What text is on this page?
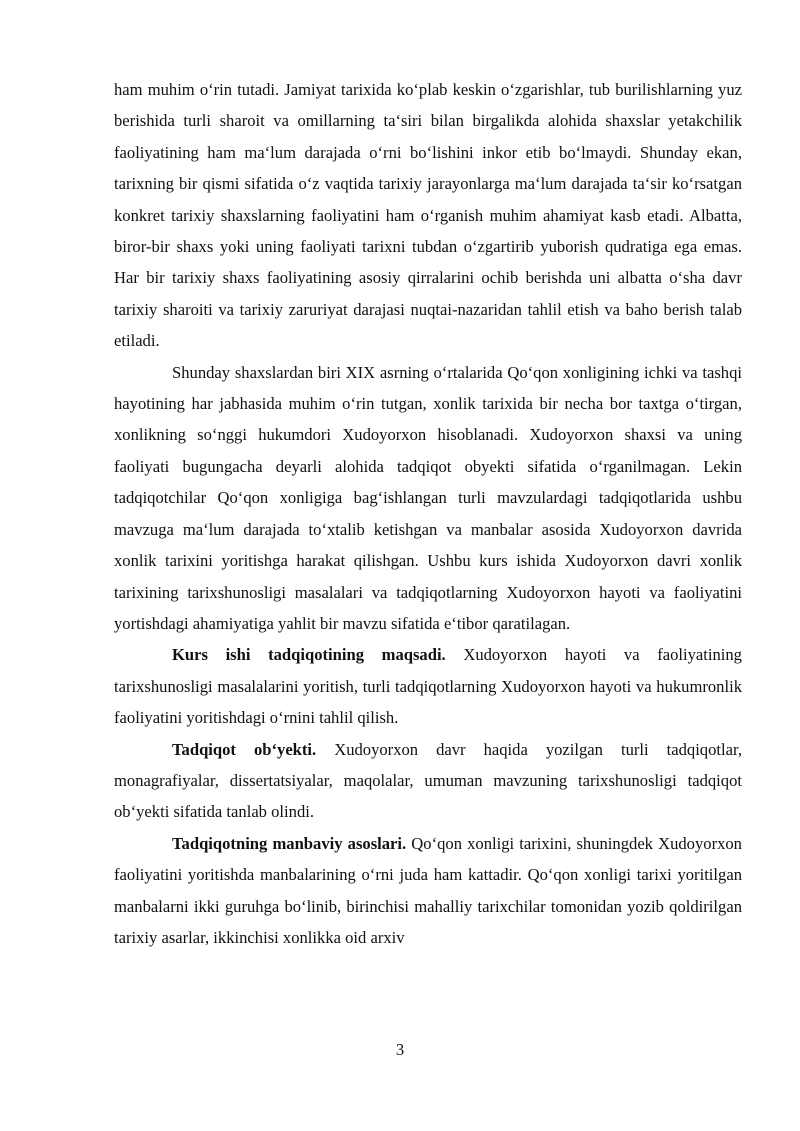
ham muhim o‘rin tutadi. Jamiyat tarixida ko‘plab keskin o‘zgarishlar, tub burilishlarning yuz berishida turli sharoit va omillarning ta‘siri bilan birgalikda alohida shaxslar yetakchilik faoliyatining ham ma‘lum darajada o‘rni bo‘lishini inkor etib bo‘lmaydi. Shunday ekan, tarixning bir qismi sifatida o‘z vaqtida tarixiy jarayonlarga ma‘lum darajada ta‘sir ko‘rsatgan konkret tarixiy shaxslarning faoliyatini ham o‘rganish muhim ahamiyat kasb etadi. Albatta, biror-bir shaxs yoki uning faoliyati tarixni tubdan o‘zgartirib yuborish qudratiga ega emas. Har bir tarixiy shaxs faoliyatining asosiy qirralarini ochib berishda uni albatta o‘sha davr tarixiy sharoiti va tarixiy zaruriyat darajasi nuqtai-nazaridan tahlil etish va baho berish talab etiladi.

Shunday shaxslardan biri XIX asrning o‘rtalarida Qo‘qon xonligining ichki va tashqi hayotining har jabhasida muhim o‘rin tutgan, xonlik tarixida bir necha bor taxtga o‘tirgan, xonlikning so‘nggi hukumdori Xudoyorxon hisoblanadi. Xudoyorxon shaxsi va uning faoliyati bugungacha deyarli alohida tadqiqot obyekti sifatida o‘rganilmagan. Lekin tadqiqotchilar Qo‘qon xonligiga bag‘ishlangan turli mavzulardagi tadqiqotlarida ushbu mavzuga ma‘lum darajada to‘xtalib ketishgan va manbalar asosida Xudoyorxon davrida xonlik tarixini yoritishga harakat qilishgan. Ushbu kurs ishida Xudoyorxon davri xonlik tarixining tarixshunosligi masalalari va tadqiqotlarning Xudoyorxon hayoti va faoliyatini yortishdagi ahamiyatiga yahlit bir mavzu sifatida e‘tibor qaratilagan.

Kurs ishi tadqiqotining maqsadi. Xudoyorxon hayoti va faoliyatining tarixshunosligi masalalarini yoritish, turli tadqiqotlarning Xudoyorxon hayoti va hukumronlik faoliyatini yoritishdagi o‘rnini tahlil qilish.

Tadqiqot ob‘yekti. Xudoyorxon davr haqida yozilgan turli tadqiqotlar, monagrafiyalar, dissertatsiyalar, maqolalar, umuman mavzuning tarixshunosligi tadqiqot ob‘yekti sifatida tanlab olindi.

Tadqiqotning manbaviy asoslari. Qo‘qon xonligi tarixini, shuningdek Xudoyorxon faoliyatini yoritishda manbalarining o‘rni juda ham kattadir. Qo‘qon xonligi tarixi yoritilgan manbalarni ikki guruhga bo‘linib, birinchisi mahalliy tarixchilar tomonidan yozib qoldirilgan tarixiy asarlar, ikkinchisi xonlikka oid arxiv

3
